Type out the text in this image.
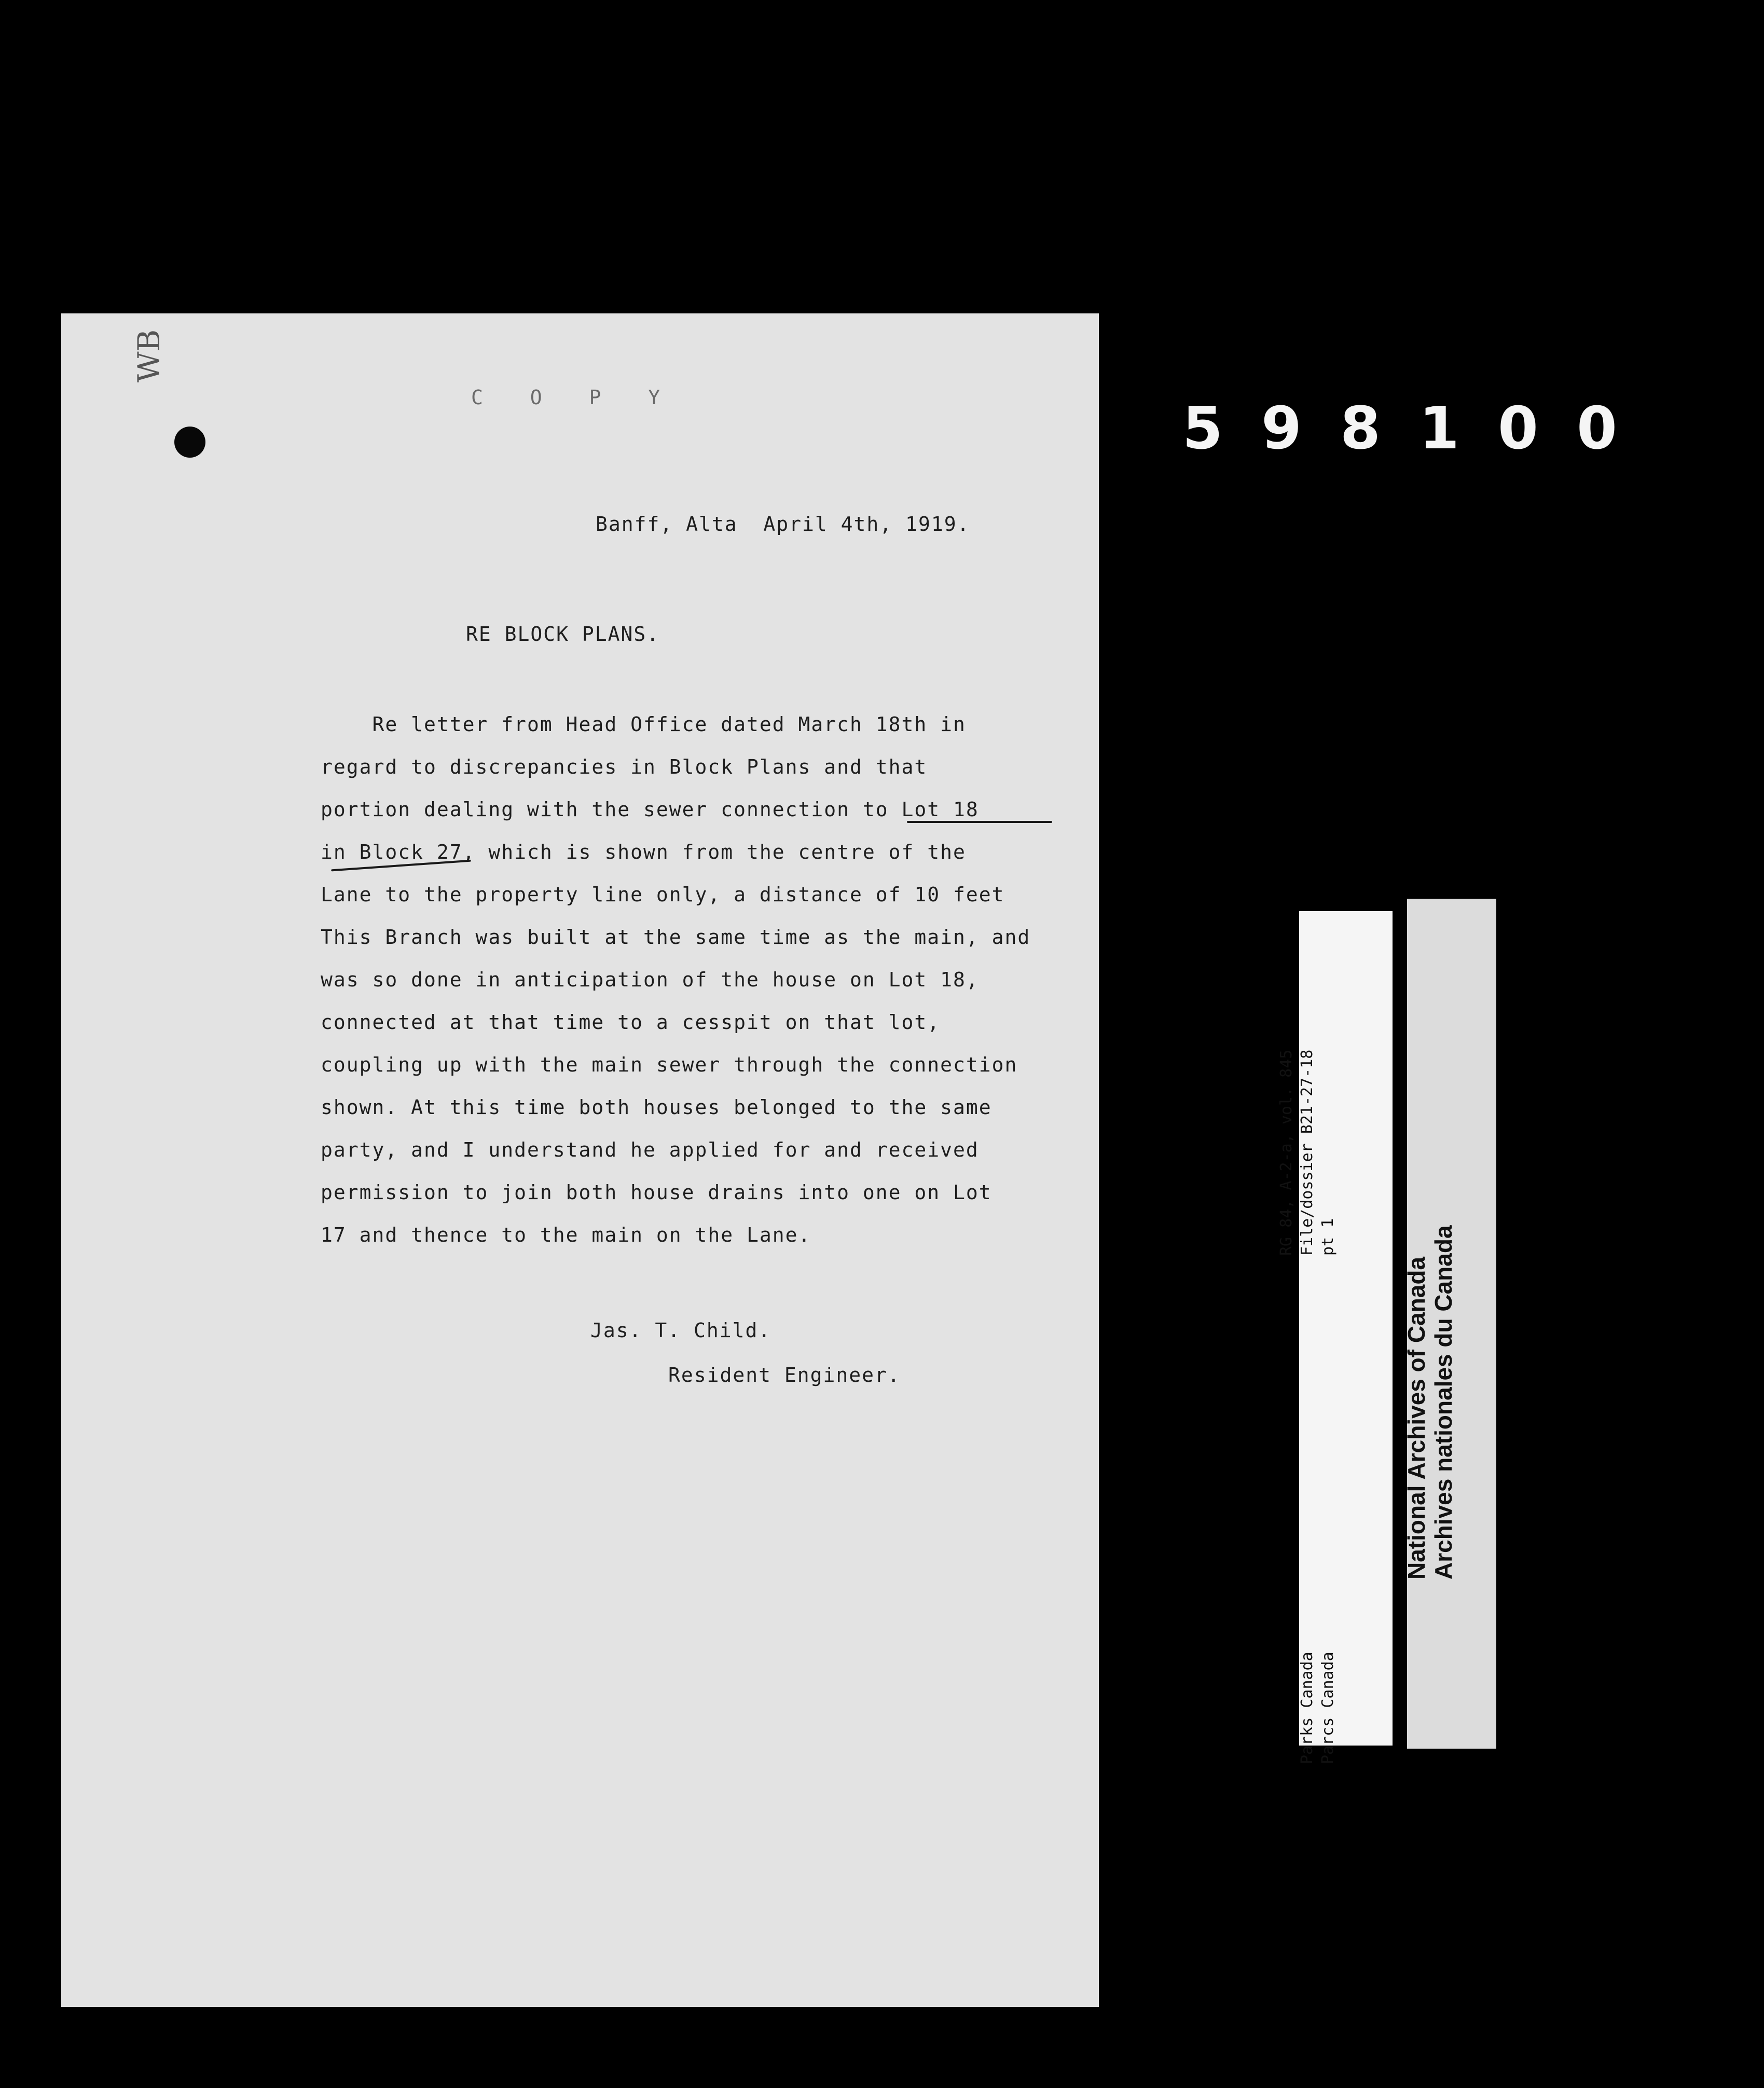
WB
C O P Y
Banff, Alta  April 4th, 1919.
RE BLOCK PLANS.
Re letter from Head Office dated March 18th in
regard to discrepancies in Block Plans and that
portion dealing with the sewer connection to Lot 18
in Block 27, which is shown from the centre of the
Lane to the property line only, a distance of 10 feet
This Branch was built at the same time as the main, and
was so done in anticipation of the house on Lot 18,
connected at that time to a cesspit on that lot,
coupling up with the main sewer through the connection
shown. At this time both houses belonged to the same
party, and I understand he applied for and received
permission to join both house drains into one on Lot
17 and thence to the main on the Lane.
Jas. T. Child.
Resident Engineer.
0
0
1
8
9
5
RG 84, A-2-a, vol. 845 File/dossier B21-27-18 pt 1
Parks Canada Parcs Canada
National Archives of Canada Archives nationales du Canada
